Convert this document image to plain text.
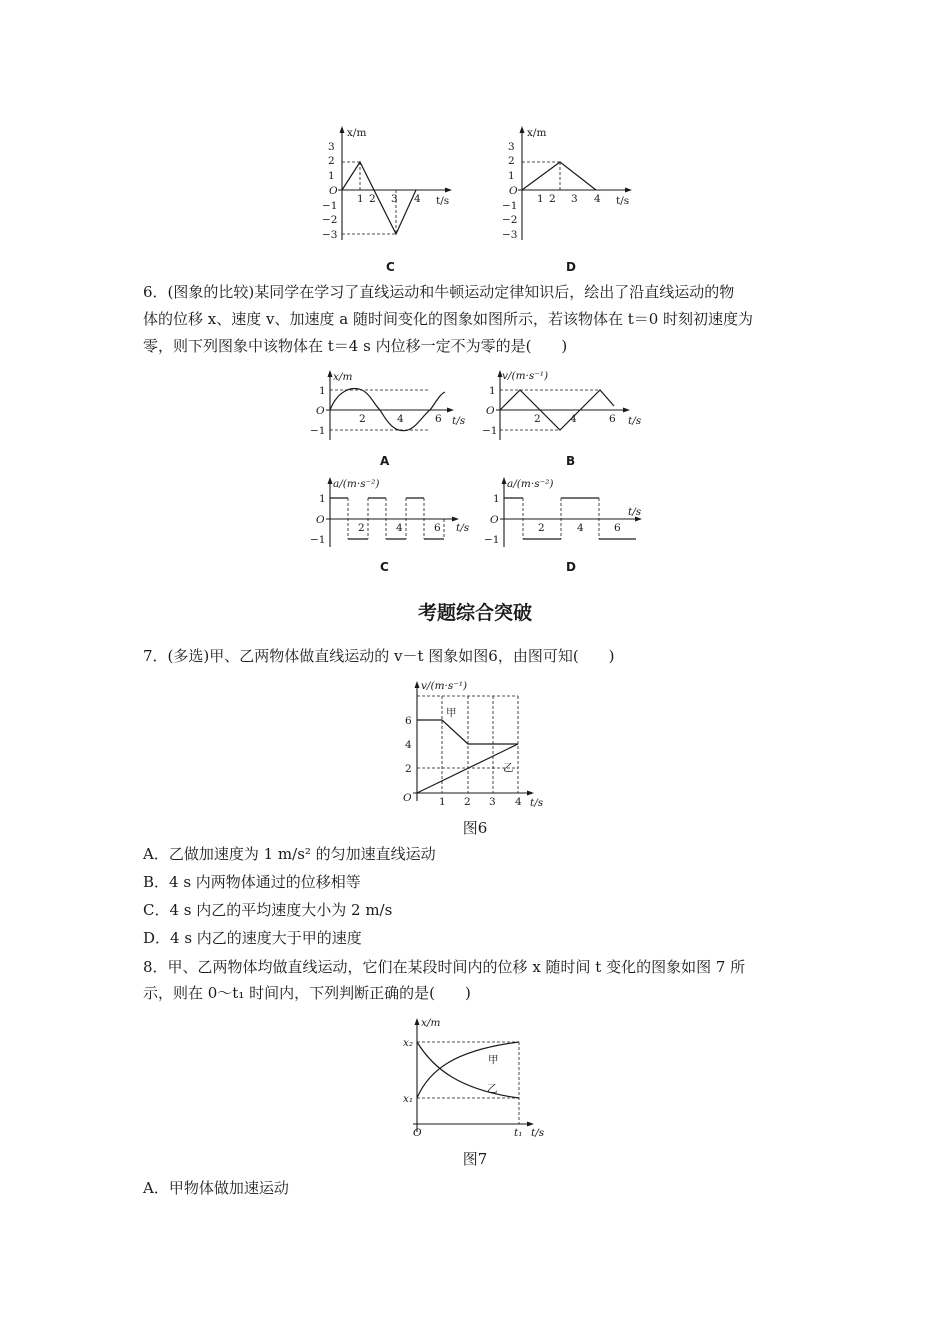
x/m
t/s
3
2
1
O
−1
−2
−3
1 2 3 4
C
x/m
t/s
3
2
1
O
−1
−2
−3
1 2 3 4
D
6．(图象的比较)某同学在学习了直线运动和牛顿运动定律知识后，绘出了沿直线运动的物
体的位移 x、速度 v、加速度 a 随时间变化的图象如图所示，若该物体在 t＝0 时刻初速度为
零，则下列图象中该物体在 t＝4 s 内位移一定不为零的是(　　)
x/m
t/s
1
O
−1
2	4	6
A
v/(m·s⁻¹)
t/s
1
O
−1
2	4	6
B
a/(m·s⁻²)
t/s
1
O
−1
2	4	6
C
a/(m·s⁻²)
t/s
1
O
−1
2	4	6
D
考题综合突破
7．(多选)甲、乙两物体做直线运动的 v－t 图象如图6，由图可知(　　)
v/(m·s⁻¹)
t/s
6
4
2
O	1 2 3 4
甲
乙
图6
A．乙做加速度为 1 m/s² 的匀加速直线运动
B．4 s 内两物体通过的位移相等
C．4 s 内乙的平均速度大小为 2 m/s
D．4 s 内乙的速度大于甲的速度
8．甲、乙两物体均做直线运动，它们在某段时间内的位移 x 随时间 t 变化的图象如图 7 所
示，则在 0～t₁ 时间内，下列判断正确的是(　　)
x/m
t/s
x₂
x₁
O	t₁
甲
乙
图7
A．甲物体做加速运动
